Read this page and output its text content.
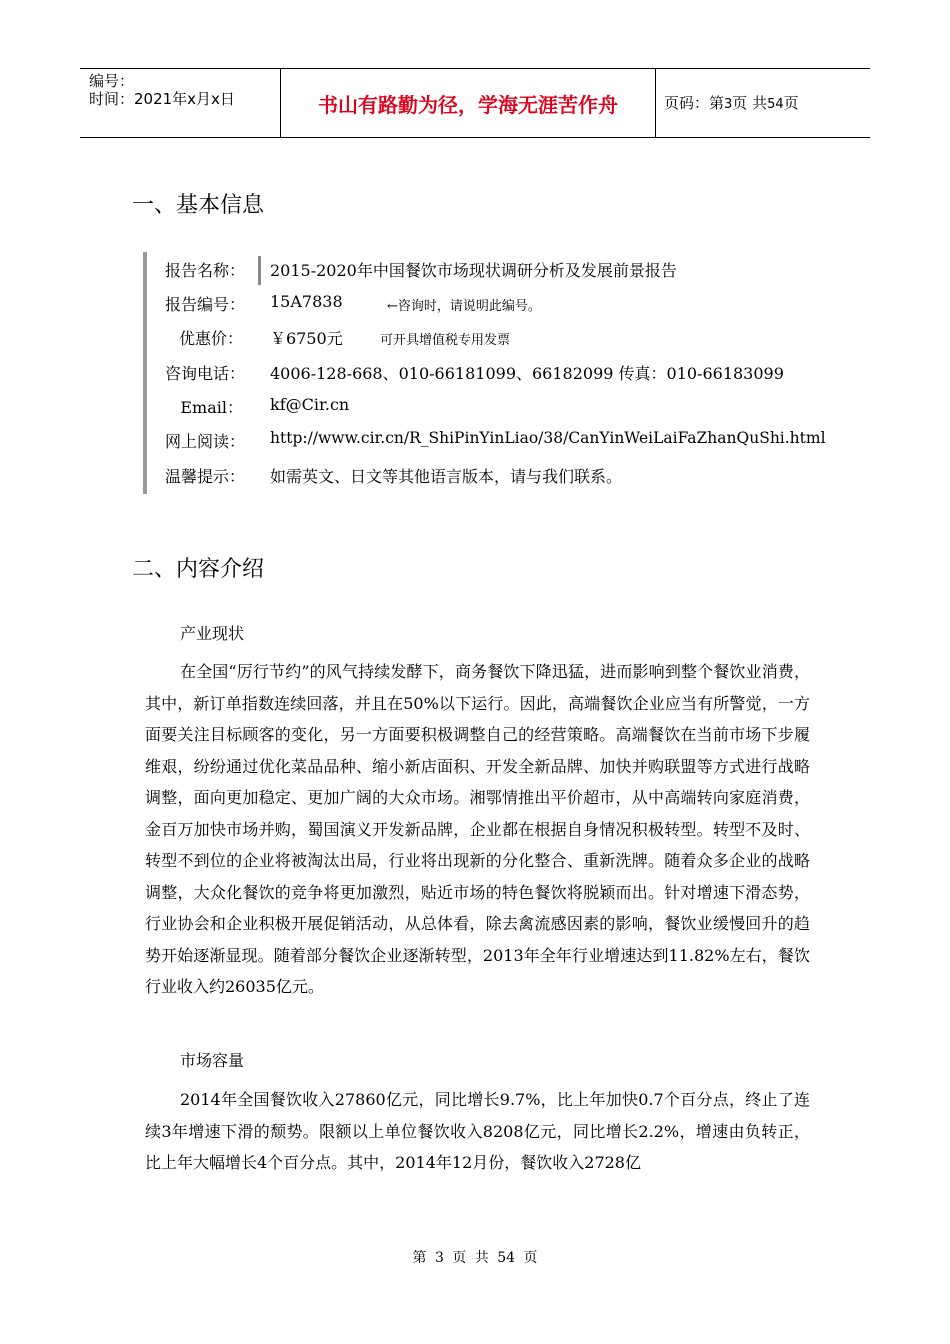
编号：
时间：2021年x月x日	书山有路勤为径，学海无涯苦作舟	页码：第3页 共54页
一、基本信息
报告名称： 2015-2020年中国餐饮市场现状调研分析及发展前景报告
报告编号： 15A7838	←咨询时，请说明此编号。
优惠价： ￥6750元	可开具增值税专用发票
咨询电话： 4006-128-668、010-66181099、66182099 传真：010-66183099
Email： kf@Cir.cn
网上阅读： http://www.cir.cn/R_ShiPinYinLiao/38/CanYinWeiLaiFaZhanQuShi.html
温馨提示： 如需英文、日文等其他语言版本，请与我们联系。
二、内容介绍
产业现状
在全国“厉行节约”的风气持续发酵下，商务餐饮下降迅猛，进而影响到整个餐饮业消费，其中，新订单指数连续回落，并且在50%以下运行。因此，高端餐饮企业应当有所警觉，一方面要关注目标顾客的变化，另一方面要积极调整自己的经营策略。高端餐饮在当前市场下步履维艰，纷纷通过优化菜品品种、缩小新店面积、开发全新品牌、加快并购联盟等方式进行战略调整，面向更加稳定、更加广阔的大众市场。湘鄂情推出平价超市，从中高端转向家庭消费，金百万加快市场并购，蜀国演义开发新品牌，企业都在根据自身情况积极转型。转型不及时、转型不到位的企业将被淘汰出局，行业将出现新的分化整合、重新洗牌。随着众多企业的战略调整，大众化餐饮的竞争将更加激烈，贴近市场的特色餐饮将脱颖而出。针对增速下滑态势，行业协会和企业积极开展促销活动，从总体看，除去禽流感因素的影响，餐饮业缓慢回升的趋势开始逐渐显现。随着部分餐饮企业逐渐转型，2013年全年行业增速达到11.82%左右，餐饮行业收入约26035亿元。
市场容量
2014年全国餐饮收入27860亿元，同比增长9.7%，比上年加快0.7个百分点，终止了连续3年增速下滑的颓势。限额以上单位餐饮收入8208亿元，同比增长2.2%，增速由负转正，比上年大幅增长4个百分点。其中，2014年12月份，餐饮收入2728亿
第 3 页 共 54 页
